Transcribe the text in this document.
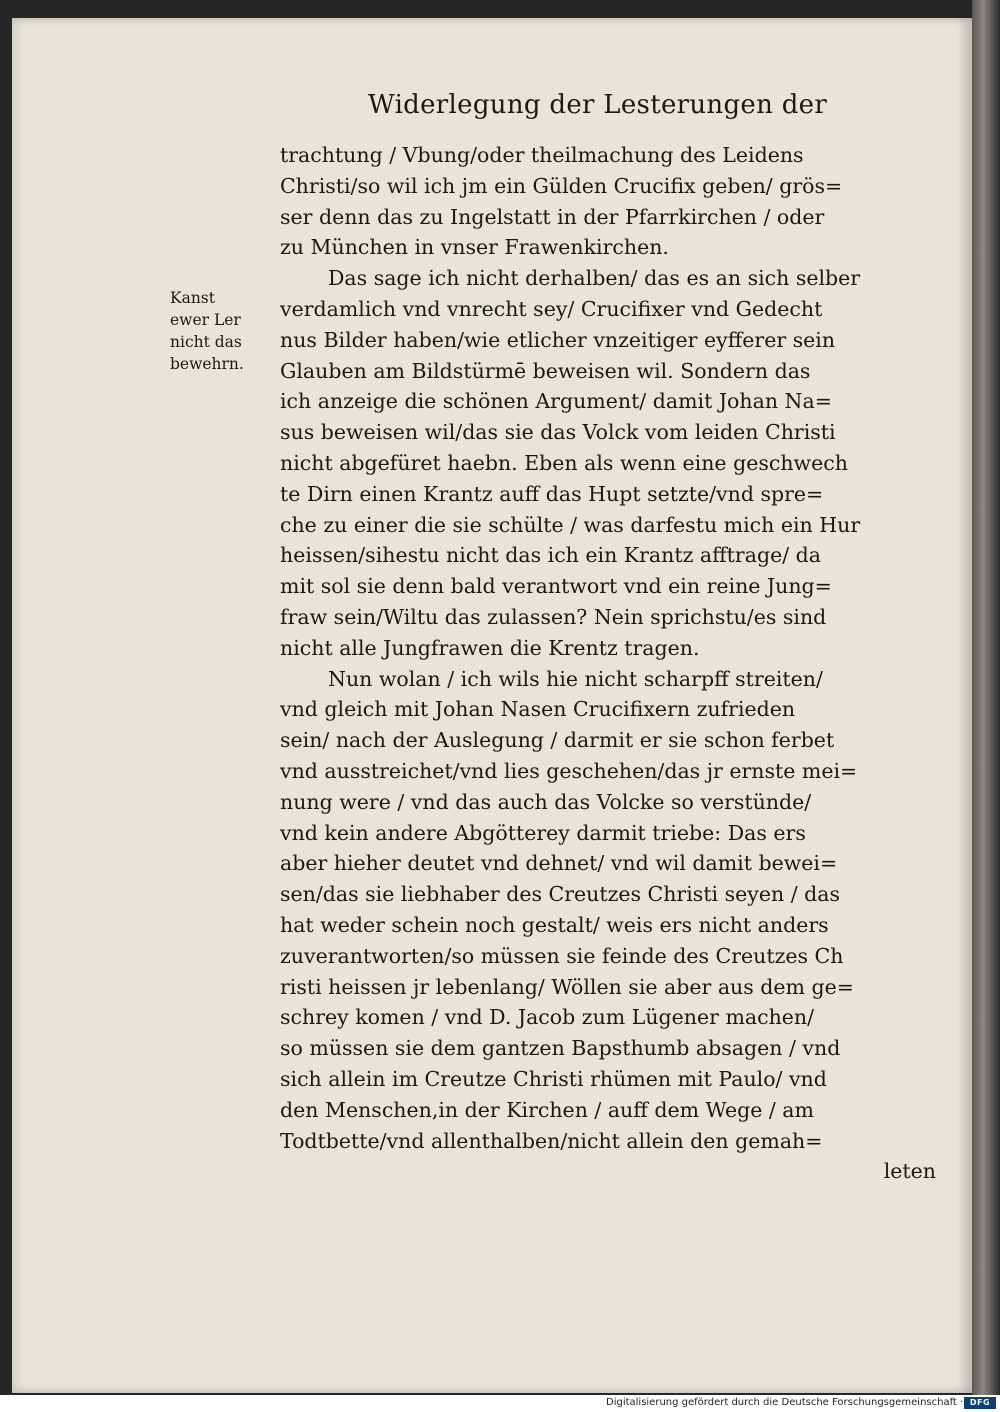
Widerlegung der Lesterungen der
Kanst
ewer Ler
nicht das
bewehrn.
trachtung / Vbung/oder theilmachung des Leidens
Christi/so wil ich jm ein Gülden Crucifix geben/ grös=
ser denn das zu Ingelstatt in der Pfarrkirchen / oder
zu München in vnser Frawenkirchen.
Das sage ich nicht derhalben/ das es an sich selber
verdamlich vnd vnrecht sey/ Crucifixer vnd Gedecht
nus Bilder haben/wie etlicher vnzeitiger eyfferer sein
Glauben am Bildstürmē beweisen wil. Sondern das
ich anzeige die schönen Argument/ damit Johan Na=
sus beweisen wil/das sie das Volck vom leiden Christi
nicht abgefüret haebn. Eben als wenn eine geschwech
te Dirn einen Krantz auff das Hupt setzte/vnd spre=
che zu einer die sie schülte / was darfestu mich ein Hur
heissen/sihestu nicht das ich ein Krantz afftrage/ da
mit sol sie denn bald verantwort vnd ein reine Jung=
fraw sein/Wiltu das zulassen? Nein sprichstu/es sind
nicht alle Jungfrawen die Krentz tragen.
Nun wolan / ich wils hie nicht scharpff streiten/
vnd gleich mit Johan Nasen Crucifixern zufrieden
sein/ nach der Auslegung / darmit er sie schon ferbet
vnd ausstreichet/vnd lies geschehen/das jr ernste mei=
nung were / vnd das auch das Volcke so verstünde/
vnd kein andere Abgötterey darmit triebe: Das ers
aber hieher deutet vnd dehnet/ vnd wil damit bewei=
sen/das sie liebhaber des Creutzes Christi seyen / das
hat weder schein noch gestalt/ weis ers nicht anders
zuverantworten/so müssen sie feinde des Creutzes Ch
risti heissen jr lebenlang/ Wöllen sie aber aus dem ge=
schrey komen / vnd D. Jacob zum Lügener machen/
so müssen sie dem gantzen Bapsthumb absagen / vnd
sich allein im Creutze Christi rhümen mit Paulo/ vnd
den Menschen,in der Kirchen / auff dem Wege / am
Todtbette/vnd allenthalben/nicht allein den gemah=
leten
Digitalisierung gefördert durch die Deutsche Forschungsgemeinschaft · DFG
